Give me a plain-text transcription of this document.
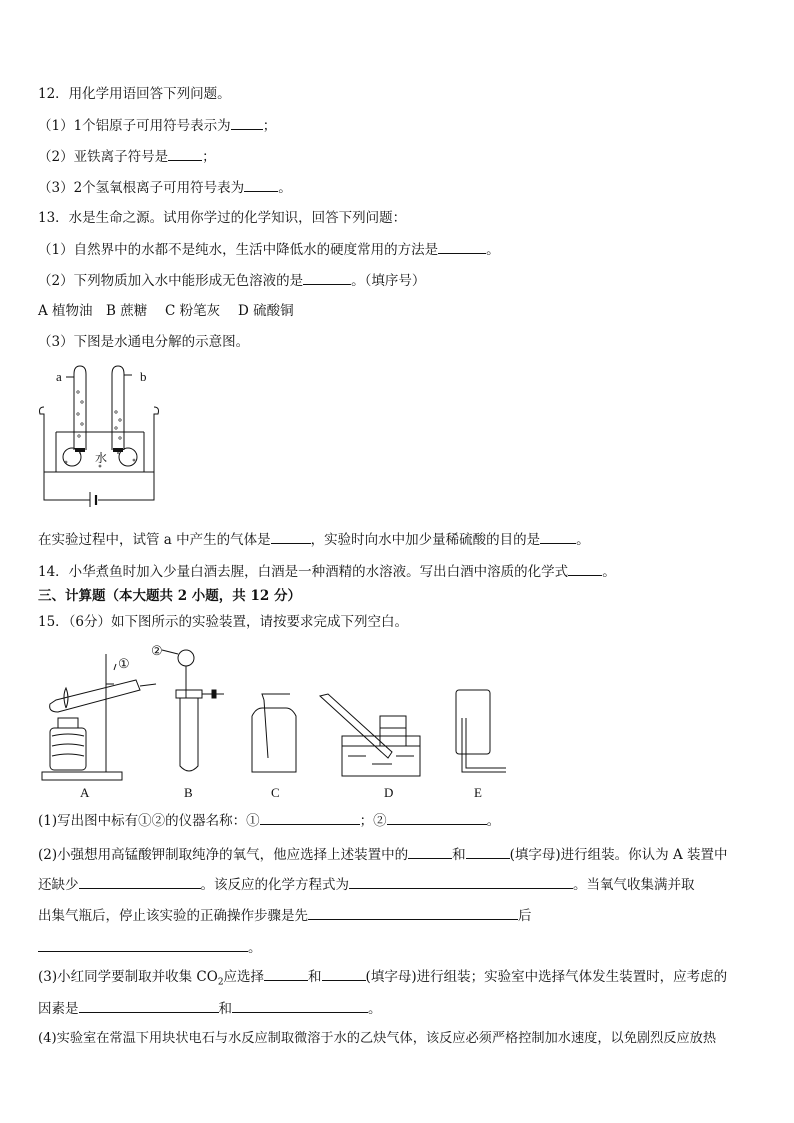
12．用化学用语回答下列问题。
（1）1个铝原子可用符号表示为 ；
（2）亚铁离子符号是	；
（3）2个氢氧根离子可用符号表为	。
13．水是生命之源。试用你学过的化学知识，回答下列问题：
（1）自然界中的水都不是纯水，生活中降低水的硬度常用的方法是	。
（2）下列物质加入水中能形成无色溶液的是	。（填序号）
A 植物油　B 蔗糖　 C 粉笔灰　 D 硫酸铜
（3）下图是水通电分解的示意图。
a	b
水
在实验过程中，试管 a 中产生的气体是	，实验时向水中加少量稀硫酸的目的是	。
14．小华煮鱼时加入少量白酒去腥，白酒是一种酒精的水溶液。写出白酒中溶质的化学式	。
三、计算题（本大题共 2 小题，共 12 分）
15．（6分）如下图所示的实验装置，请按要求完成下列空白。
①
②
A	B	C	D	E
(1)写出图中标有①②的仪器名称：①	；②	。
(2)小强想用高锰酸钾制取纯净的氧气，他应选择上述装置中的	和	(填字母)进行组装。你认为 A 装置中
还缺少	。该反应的化学方程式为	。当氧气收集满并取
出集气瓶后，停止该实验的正确操作步骤是先	后
。
(3)小红同学要制取并收集 $CO_2$应选择	和	(填字母)进行组装；实验室中选择气体发生装置时，应考虑的
因素是	和	。
(4)实验室在常温下用块状电石与水反应制取微溶于水的乙炔气体，该反应必须严格控制加水速度，以免剧烈反应放热
